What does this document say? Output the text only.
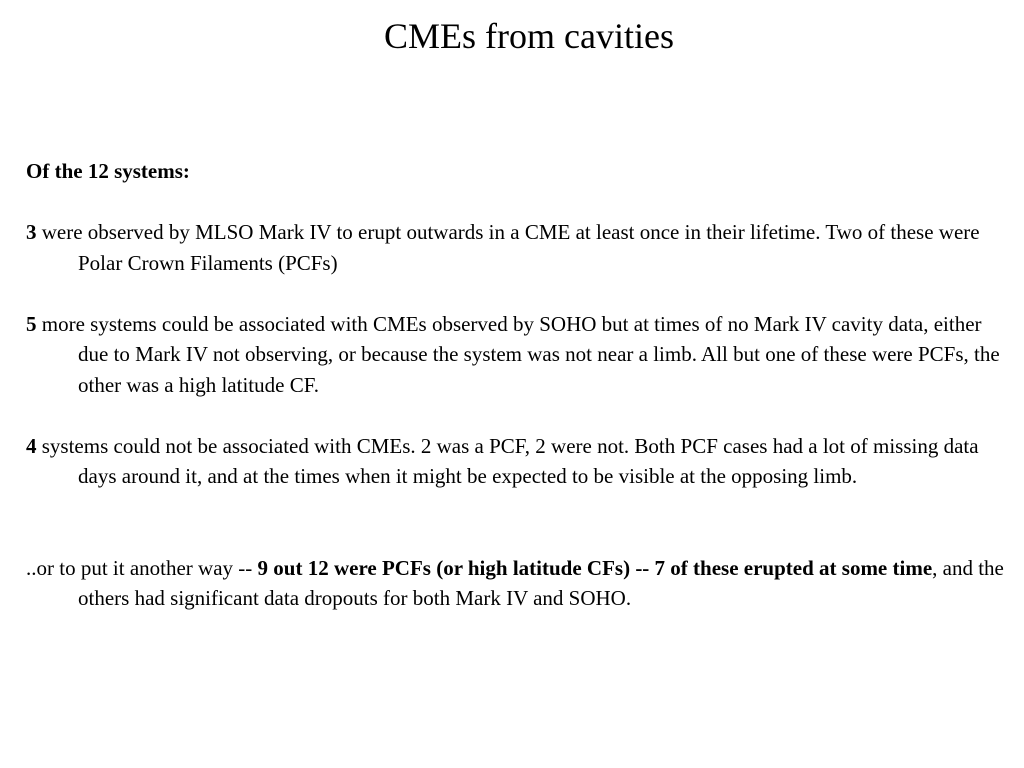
CMEs from cavities

Of the 12 systems:

3 were observed by MLSO Mark IV to erupt outwards in a CME at least once in their lifetime. Two of these were Polar Crown Filaments (PCFs)

5 more systems could be associated with CMEs observed by SOHO but at times of no Mark IV cavity data, either due to Mark IV not observing, or because the system was not near a limb. All but one of these were PCFs, the other was a high latitude CF.

4 systems could not be associated with CMEs. 2 was a PCF, 2 were not. Both PCF cases had a lot of missing data days around it, and at the times when it might be expected to be visible at the opposing limb.

..or to put it another way -- 9 out 12 were PCFs (or high latitude CFs) -- 7 of these erupted at some time, and the others had significant data dropouts for both Mark IV and SOHO.
